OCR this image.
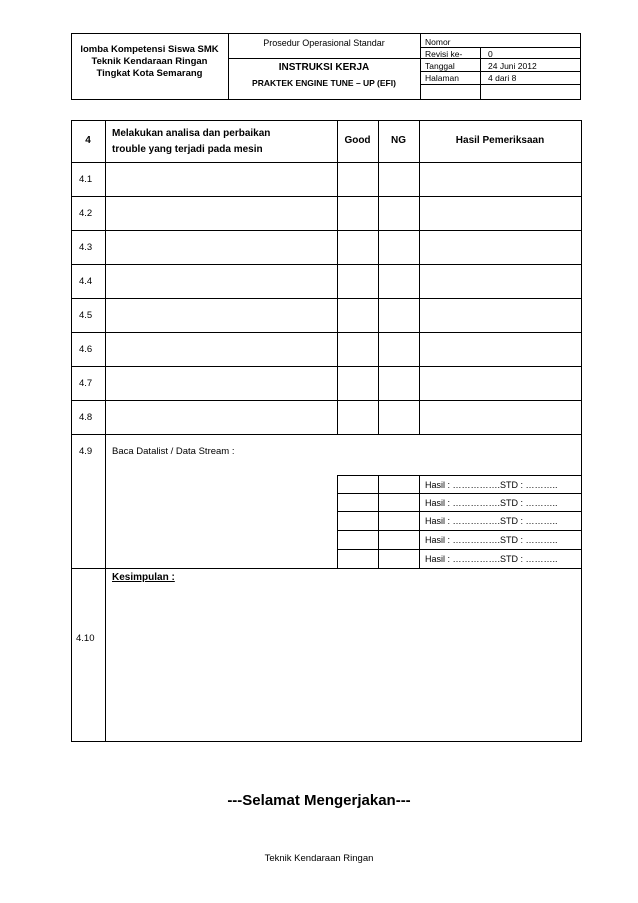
lomba Kompetensi Siswa SMK
Teknik Kendaraan Ringan
Tingkat Kota Semarang
Prosedur Operasional Standar
INSTRUKSI KERJA
PRAKTEK ENGINE TUNE – UP (EFI)
Nomor
Revisi ke-	0
Tanggal	24 Juni 2012
Halaman	4 dari 8
4
Melakukan analisa dan perbaikan
trouble yang terjadi pada mesin
Good	NG	Hasil Pemeriksaan
4.1
4.2
4.3
4.4
4.5
4.6
4.7
4.8
4.9 Baca Datalist / Data Stream :
Hasil : …………….STD : ………..
Hasil : …………….STD : ………..
Hasil : …………….STD : ………..
Hasil : …………….STD : ………..
Hasil : …………….STD : ………..
4.10
Kesimpulan :
---Selamat Mengerjakan---
Teknik Kendaraan Ringan
